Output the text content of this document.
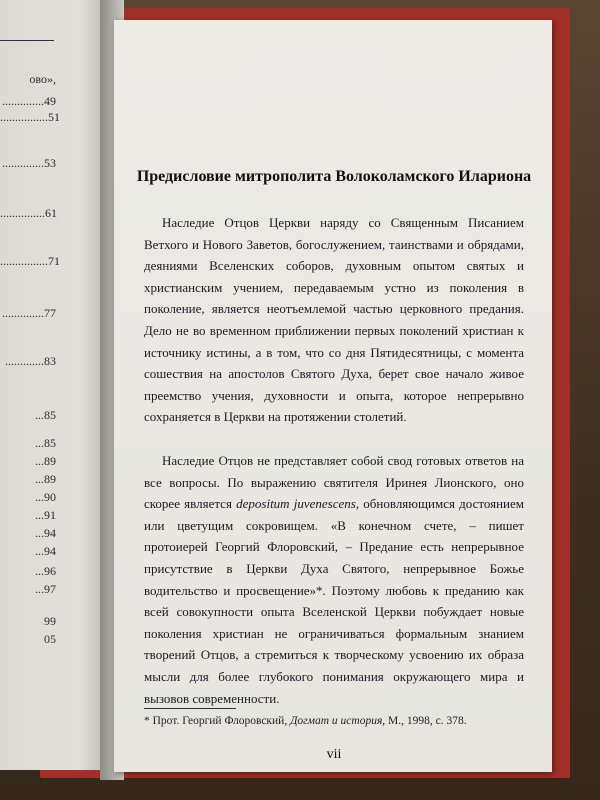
ово»,
..............49
................51
..............53
...............61
................71
..............77
.............83
...85
...85
...89
...89
...90
...91
...94
...94
...96
...97
99
05
Предисловие митрополита Волоколамского Илариона
Наследие Отцов Церкви наряду со Священным Писанием Ветхого и Нового Заветов, богослужением, таинствами и обрядами, деяниями Вселенских соборов, духовным опытом святых и христианским учением, передаваемым устно из поколения в поколение, является неотъемлемой частью церковного предания. Дело не во временном приближении первых поколений христиан к источнику истины, а в том, что со дня Пятидесятницы, с момента сошествия на апостолов Святого Духа, берет свое начало живое преемство учения, духовности и опыта, которое непрерывно сохраняется в Церкви на протяжении столетий.
Наследие Отцов не представляет собой свод готовых ответов на все вопросы. По выражению святителя Иринея Лионского, оно скорее является depositum juvenescens, обновляющимся достоянием или цветущим сокровищем. «В конечном счете, – пишет протоиерей Георгий Флоровский, – Предание есть непрерывное присутствие в Церкви Духа Святого, непрерывное Божье водительство и просвещение»*. Поэтому любовь к преданию как всей совокупности опыта Вселенской Церкви побуждает новые поколения христиан не ограничиваться формальным знанием творений Отцов, а стремиться к творческому усвоению их образа мысли для более глубокого понимания окружающего мира и вызовов современности.
* Прот. Георгий Флоровский, Догмат и история, М., 1998, с. 378.
vii
